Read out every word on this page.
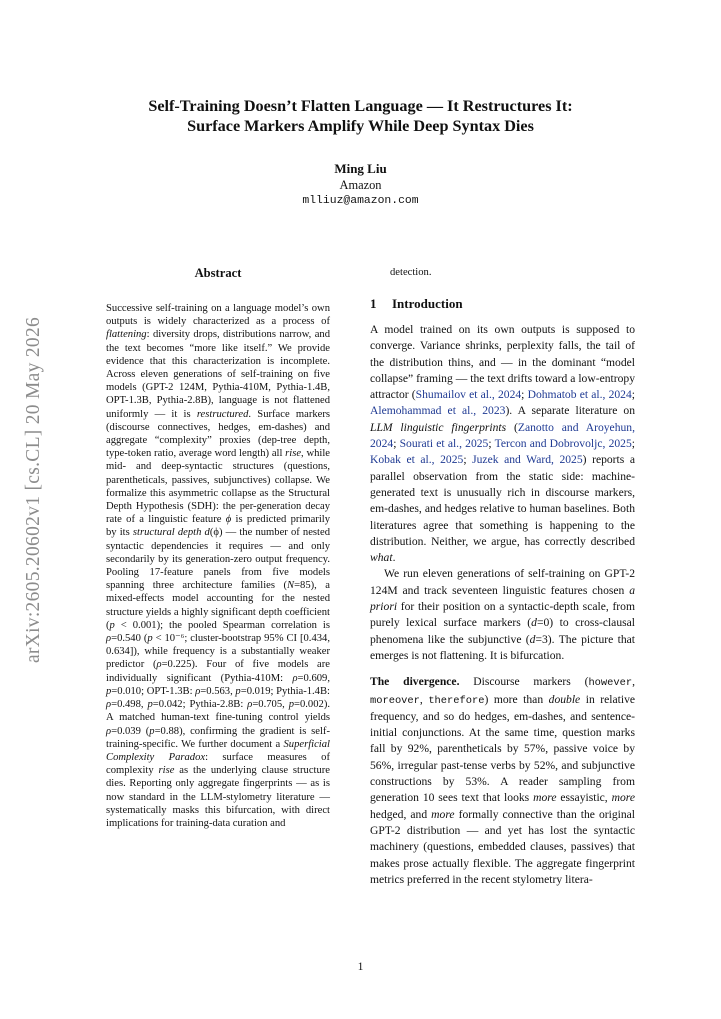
arXiv:2605.20602v1 [cs.CL] 20 May 2026
Self-Training Doesn’t Flatten Language — It Restructures It:
Surface Markers Amplify While Deep Syntax Dies
Ming Liu
Amazon
mlliuz@amazon.com
Abstract
Successive self-training on a language model’s own outputs is widely characterized as a process of flattening: diversity drops, distributions narrow, and the text becomes “more like itself.” We provide evidence that this characterization is incomplete. Across eleven generations of self-training on five models (GPT-2 124M, Pythia-410M, Pythia-1.4B, OPT-1.3B, Pythia-2.8B), language is not flattened uniformly — it is restructured. Surface markers (discourse connectives, hedges, em-dashes) and aggregate “complexity” proxies (dep-tree depth, type-token ratio, average word length) all rise, while mid- and deep-syntactic structures (questions, parentheticals, passives, subjunctives) collapse. We formalize this asymmetric collapse as the Structural Depth Hypothesis (SDH): the per-generation decay rate of a linguistic feature ϕ is predicted primarily by its structural depth d(ϕ) — the number of nested syntactic dependencies it requires — and only secondarily by its generation-zero output frequency. Pooling 17-feature panels from five models spanning three architecture families (N=85), a mixed-effects model accounting for the nested structure yields a highly significant depth coefficient (p < 0.001); the pooled Spearman correlation is ρ=0.540 (p < 10⁻⁶; cluster-bootstrap 95% CI [0.434, 0.634]), while frequency is a substantially weaker predictor (ρ=0.225). Four of five models are individually significant (Pythia-410M: ρ=0.609, p=0.010; OPT-1.3B: ρ=0.563, p=0.019; Pythia-1.4B: ρ=0.498, p=0.042; Pythia-2.8B: ρ=0.705, p=0.002). A matched human-text fine-tuning control yields ρ=0.039 (p=0.88), confirming the gradient is self-training-specific. We further document a Superficial Complexity Paradox: surface measures of complexity rise as the underlying clause structure dies. Reporting only aggregate fingerprints — as is now standard in the LLM-stylometry literature — systematically masks this bifurcation, with direct implications for training-data curation and
detection.
1 Introduction

A model trained on its own outputs is supposed to converge. Variance shrinks, perplexity falls, the tail of the distribution thins, and — in the dominant “model collapse” framing — the text drifts toward a low-entropy attractor (Shumailov et al., 2024; Dohmatob et al., 2024; Alemohammad et al., 2023). A separate literature on LLM linguistic fingerprints (Zanotto and Aroyehun, 2024; Sourati et al., 2025; Tercon and Dobrovoljc, 2025; Kobak et al., 2025; Juzek and Ward, 2025) reports a parallel observation from the static side: machine-generated text is unusually rich in discourse markers, em-dashes, and hedges relative to human baselines. Both literatures agree that something is happening to the distribution. Neither, we argue, has correctly described what.

We run eleven generations of self-training on GPT-2 124M and track seventeen linguistic features chosen a priori for their position on a syntactic-depth scale, from purely lexical surface markers (d=0) to cross-clausal phenomena like the subjunctive (d=3). The picture that emerges is not flattening. It is bifurcation.

The divergence. Discourse markers (however, moreover, therefore) more than double in relative frequency, and so do hedges, em-dashes, and sentence-initial conjunctions. At the same time, question marks fall by 92%, parentheticals by 57%, passive voice by 56%, irregular past-tense verbs by 52%, and subjunctive constructions by 53%. A reader sampling from generation 10 sees text that looks more essayistic, more hedged, and more formally connective than the original GPT-2 distribution — and yet has lost the syntactic machinery (questions, embedded clauses, passives) that makes prose actually flexible. The aggregate fingerprint metrics preferred in the recent stylometry litera-

1
